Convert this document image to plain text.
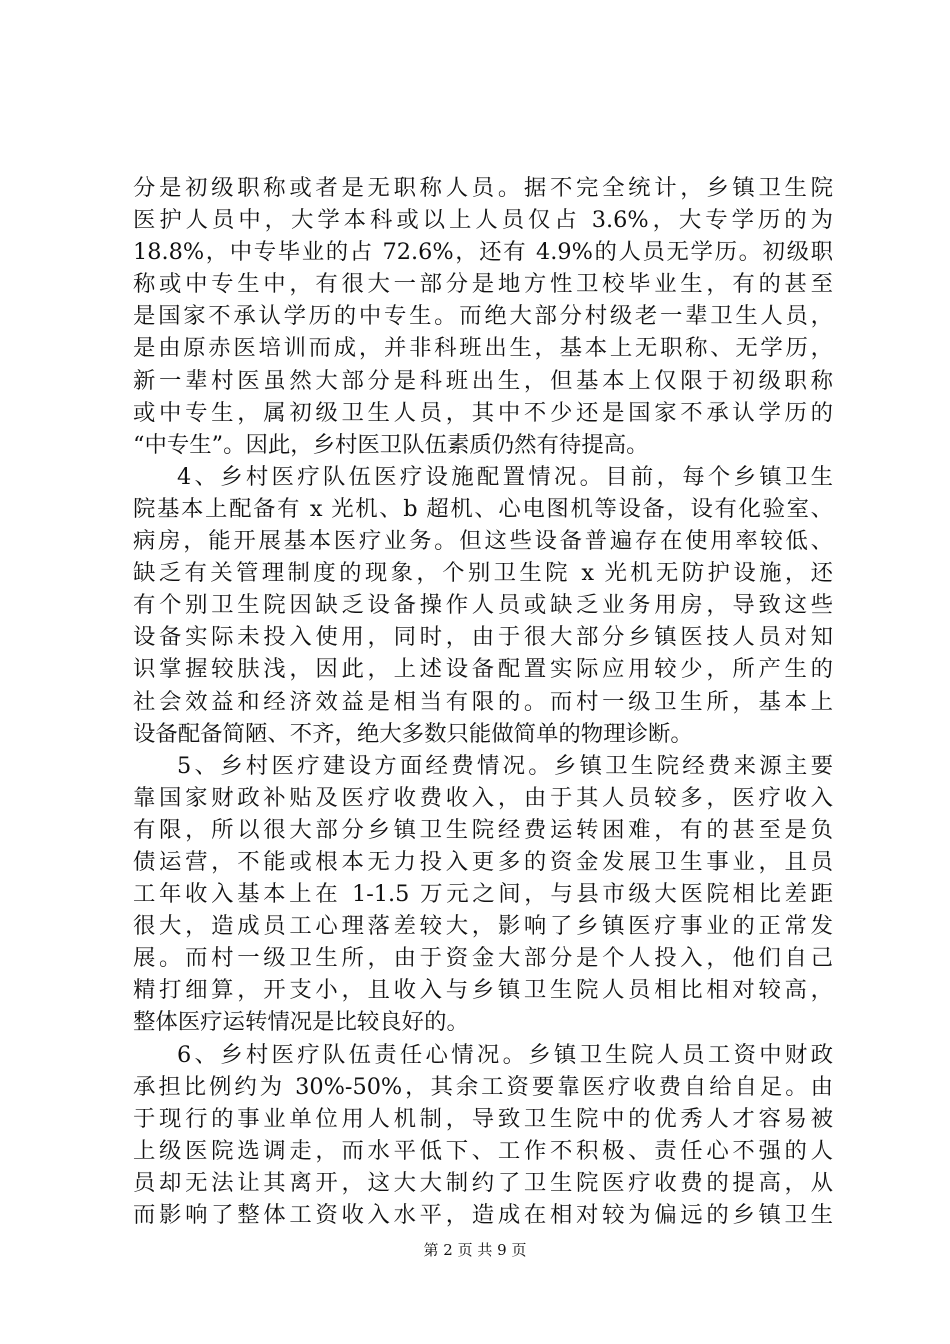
分是初级职称或者是无职称人员。据不完全统计，乡镇卫生院
医护人员中，大学本科或以上人员仅占 3.6%，大专学历的为
18.8%，中专毕业的占 72.6%，还有 4.9%的人员无学历。初级职
称或中专生中，有很大一部分是地方性卫校毕业生，有的甚至
是国家不承认学历的中专生。而绝大部分村级老一辈卫生人员，
是由原赤医培训而成，并非科班出生，基本上无职称、无学历，
新一辈村医虽然大部分是科班出生，但基本上仅限于初级职称
或中专生，属初级卫生人员，其中不少还是国家不承认学历的
“中专生”。因此，乡村医卫队伍素质仍然有待提高。
4、乡村医疗队伍医疗设施配置情况。目前，每个乡镇卫生
院基本上配备有 x 光机、b 超机、心电图机等设备，设有化验室、
病房，能开展基本医疗业务。但这些设备普遍存在使用率较低、
缺乏有关管理制度的现象，个别卫生院 x 光机无防护设施，还
有个别卫生院因缺乏设备操作人员或缺乏业务用房，导致这些
设备实际未投入使用，同时，由于很大部分乡镇医技人员对知
识掌握较肤浅，因此，上述设备配置实际应用较少，所产生的
社会效益和经济效益是相当有限的。而村一级卫生所，基本上
设备配备简陋、不齐，绝大多数只能做简单的物理诊断。
5、乡村医疗建设方面经费情况。乡镇卫生院经费来源主要
靠国家财政补贴及医疗收费收入，由于其人员较多，医疗收入
有限，所以很大部分乡镇卫生院经费运转困难，有的甚至是负
债运营，不能或根本无力投入更多的资金发展卫生事业，且员
工年收入基本上在 1-1.5 万元之间，与县市级大医院相比差距
很大，造成员工心理落差较大，影响了乡镇医疗事业的正常发
展。而村一级卫生所，由于资金大部分是个人投入，他们自己
精打细算，开支小，且收入与乡镇卫生院人员相比相对较高，
整体医疗运转情况是比较良好的。
6、乡村医疗队伍责任心情况。乡镇卫生院人员工资中财政
承担比例约为 30%-50%，其余工资要靠医疗收费自给自足。由
于现行的事业单位用人机制，导致卫生院中的优秀人才容易被
上级医院选调走，而水平低下、工作不积极、责任心不强的人
员却无法让其离开，这大大制约了卫生院医疗收费的提高，从
而影响了整体工资收入水平，造成在相对较为偏远的乡镇卫生
第 2 页 共 9 页
